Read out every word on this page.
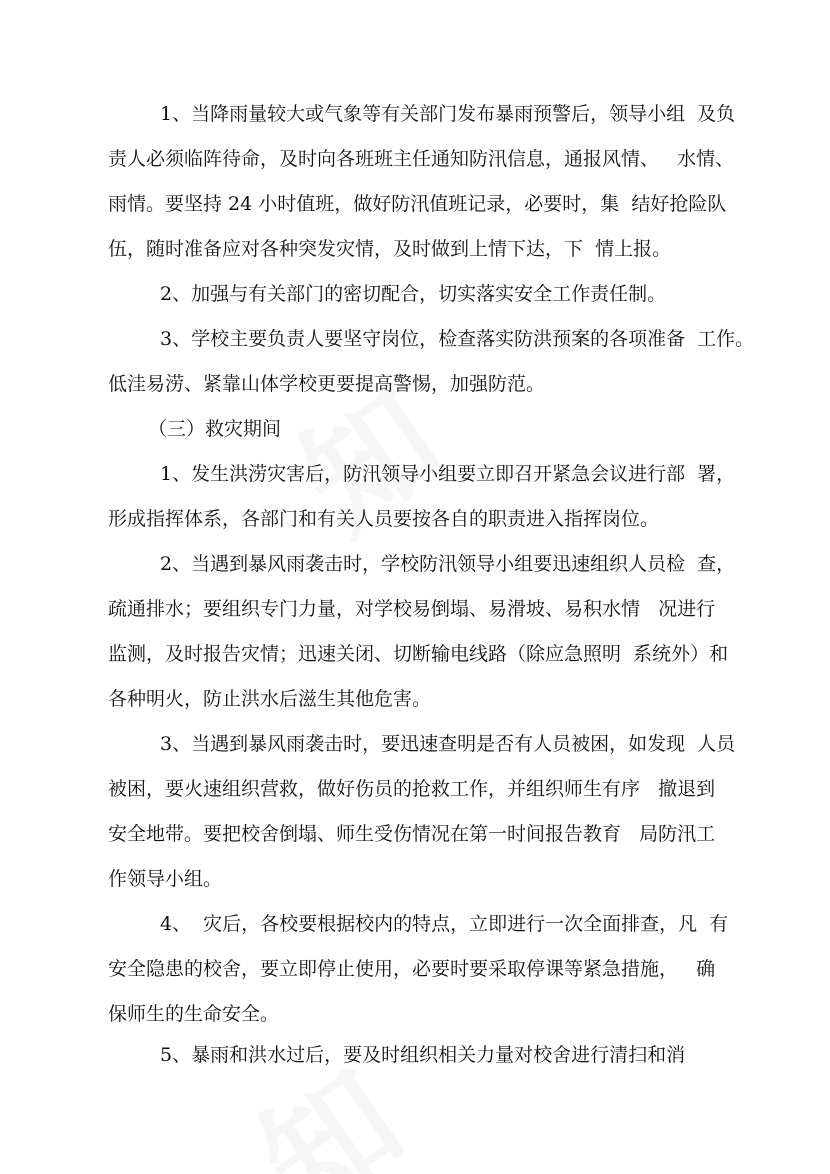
1、当降雨量较大或气象等有关部门发布暴雨预警后，领导小组  及负
责人必须临阵待命，及时向各班班主任通知防汛信息，通报风情、   水情、
雨情。要坚持 24 小时值班，做好防汛值班记录，必要时，集  结好抢险队
伍，随时准备应对各种突发灾情，及时做到上情下达，下  情上报。
2、加强与有关部门的密切配合，切实落实安全工作责任制。
3、学校主要负责人要坚守岗位，检查落实防洪预案的各项准备  工作。
低洼易涝、紧靠山体学校更要提高警惕，加强防范。
（三）救灾期间
1、发生洪涝灾害后，防汛领导小组要立即召开紧急会议进行部  署，
形成指挥体系，各部门和有关人员要按各自的职责进入指挥岗位。
2、当遇到暴风雨袭击时，学校防汛领导小组要迅速组织人员检  查，
疏通排水；要组织专门力量，对学校易倒塌、易滑坡、易积水情   况进行
监测，及时报告灾情；迅速关闭、切断输电线路（除应急照明  系统外）和
各种明火，防止洪水后滋生其他危害。
3、当遇到暴风雨袭击时，要迅速查明是否有人员被困，如发现  人员
被困，要火速组织营救，做好伤员的抢救工作，并组织师生有序   撤退到
安全地带。要把校舍倒塌、师生受伤情况在第一时间报告教育   局防汛工
作领导小组。
4、  灾后，各校要根据校内的特点，立即进行一次全面排查，凡  有
安全隐患的校舍，要立即停止使用，必要时要采取停课等紧急措施，   确
保师生的生命安全。
5、暴雨和洪水过后，要及时组织相关力量对校舍进行清扫和消
